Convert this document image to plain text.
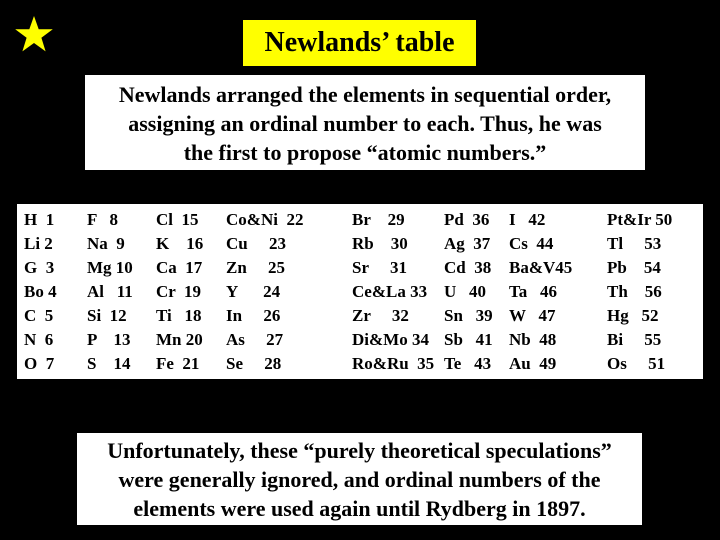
Newlands’ table
Newlands arranged the elements in sequential order,
assigning an ordinal number to each. Thus, he was
the first to propose “atomic numbers.”
H  1 F   8 Cl  15 Co&Ni  22	Br    29 Pd  36 I   42	Pt&Ir 50
Li 2 Na  9 K    16 Cu     23	Rb    30 Ag  37 Cs  44	Tl     53
G  3 Mg 10 Ca  17 Zn     25	Sr     31 Cd  38 Ba&V45 Pb    54
Bo 4 Al   11 Cr  19 Y      24	Ce&La 33 U   40 Ta   46	Th    56
C  5 Si  12 Ti   18 In     26	Zr     32 Sn   39 W   47	Hg   52
N  6 P    13 Mn 20 As     27	Di&Mo 34 Sb   41 Nb  48	Bi     55
O  7 S    14 Fe  21 Se     28	Ro&Ru  35 Te   43 Au  49	Os     51
Unfortunately, these “purely theoretical speculations”
were generally ignored, and ordinal numbers of the
elements were used again until Rydberg in 1897.
